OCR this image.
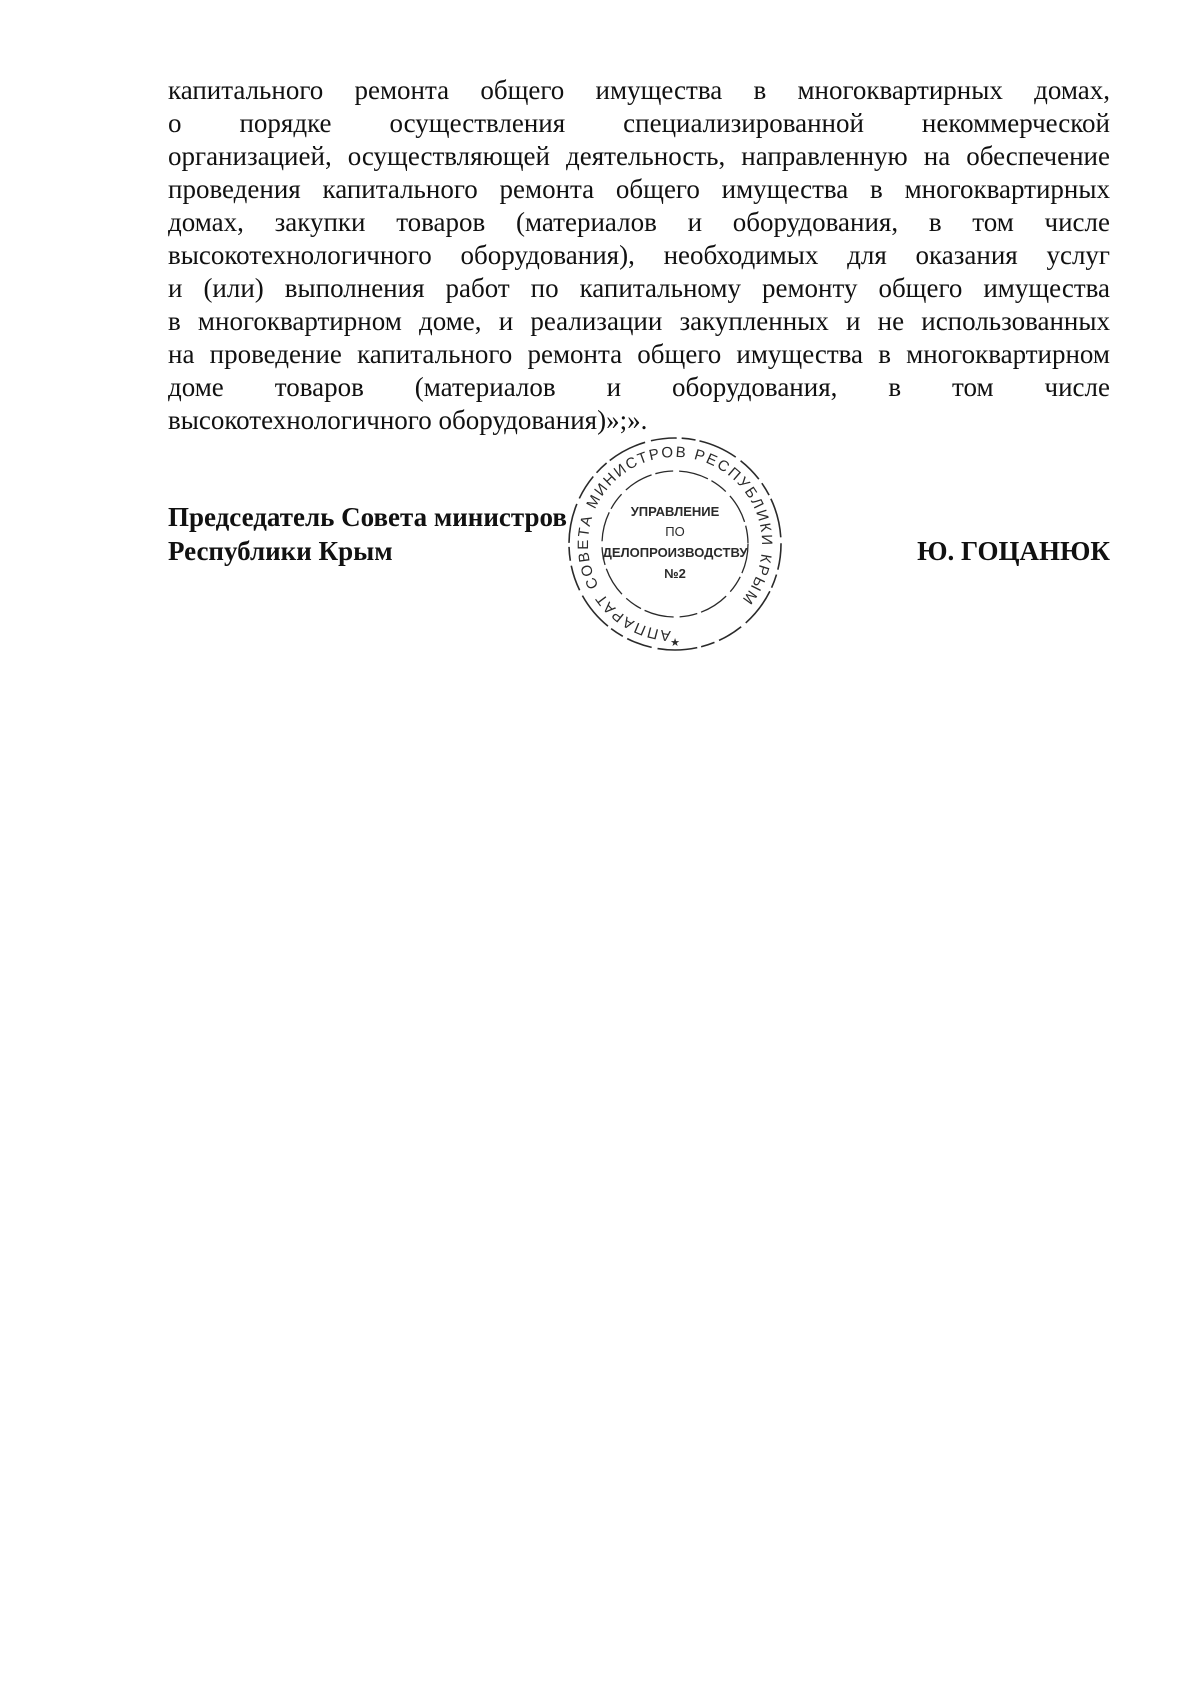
капитального ремонта общего имущества в многоквартирных домах,
о порядке осуществления специализированной некоммерческой
организацией, осуществляющей деятельность, направленную на обеспечение
проведения капитального ремонта общего имущества в многоквартирных
домах, закупки товаров (материалов и оборудования, в том числе
высокотехнологичного оборудования), необходимых для оказания услуг
и (или) выполнения работ по капитальному ремонту общего имущества
в многоквартирном доме, и реализации закупленных и не использованных
на проведение капитального ремонта общего имущества в многоквартирном
доме товаров (материалов и оборудования, в том числе
высокотехнологичного оборудования)»;».
Председатель Совета министров
Республики Крым	Ю. ГОЦАНЮК
АППАРАТ СОВЕТА МИНИСТРОВ РЕСПУБЛИКИ КРЫМ
УПРАВЛЕНИЕ
ПО
ДЕЛОПРОИЗВОДСТВУ
№2
★
